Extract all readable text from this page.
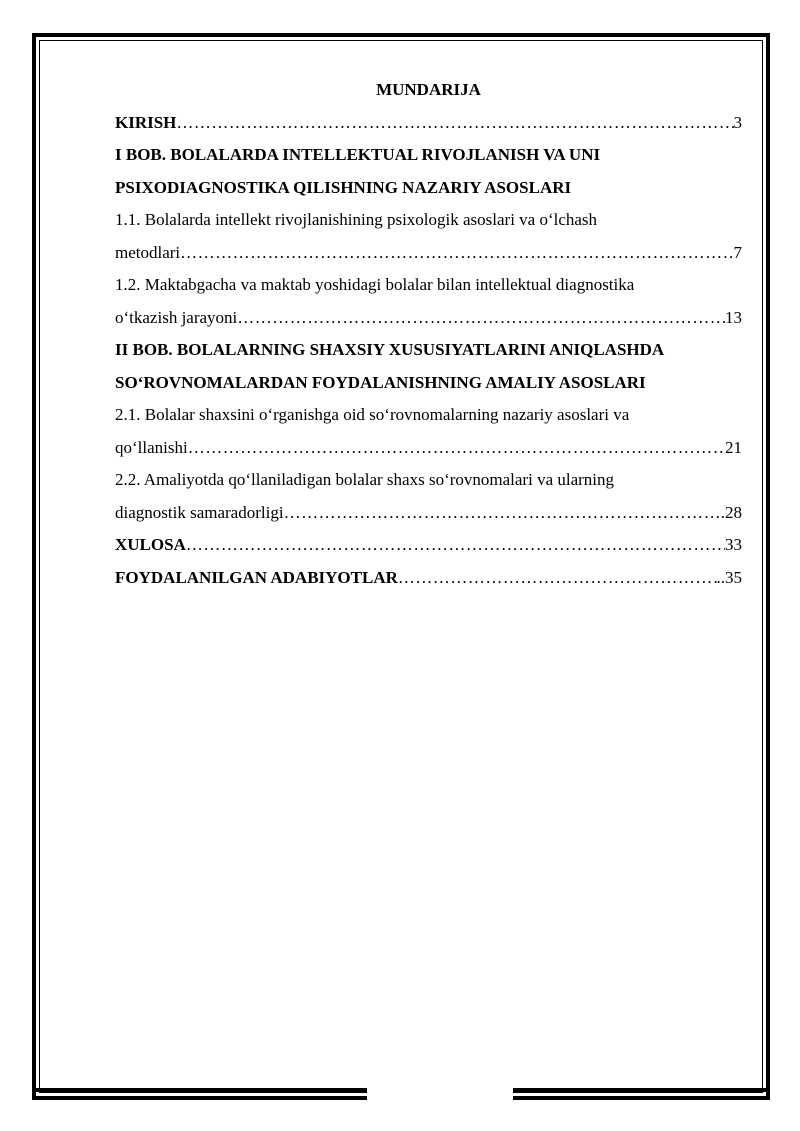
MUNDARIJA
KIRISH ……………………………………………………………………………………………………………………………………………………………………	3
I BOB. BOLALARDA INTELLEKTUAL RIVOJLANISH VA UNI
PSIXODIAGNOSTIKA QILISHNING NAZARIY ASOSLARI
1.1. Bolalarda intellekt rivojlanishining psixologik asoslari va o‘lchash
metodlari ……………………………………………………………………………………………………………………………………………………………………	7
1.2. Maktabgacha va maktab yoshidagi bolalar bilan intellektual diagnostika
o‘tkazish jarayoni ……………………………………………………………………………………………………………………………………………………………………	13
II BOB. BOLALARNING SHAXSIY XUSUSIYATLARINI ANIQLASHDA
SO‘ROVNOMALARDAN FOYDALANISHNING AMALIY ASOSLARI
2.1. Bolalar shaxsini o‘rganishga oid so‘rovnomalarning nazariy asoslari va
qo‘llanishi ……………………………………………………………………………………………………………………………………………………………………	21
2.2. Amaliyotda qo‘llaniladigan bolalar shaxs so‘rovnomalari va ularning
diagnostik samaradorligi ……………………………………………………………………………………………………………………………………………………………………	.28
XULOSA ……………………………………………………………………………………………………………………………………………………………………	33
FOYDALANILGAN ADABIYOTLAR ……………………………………………………………………………………………………………………………………………………………………	..35
